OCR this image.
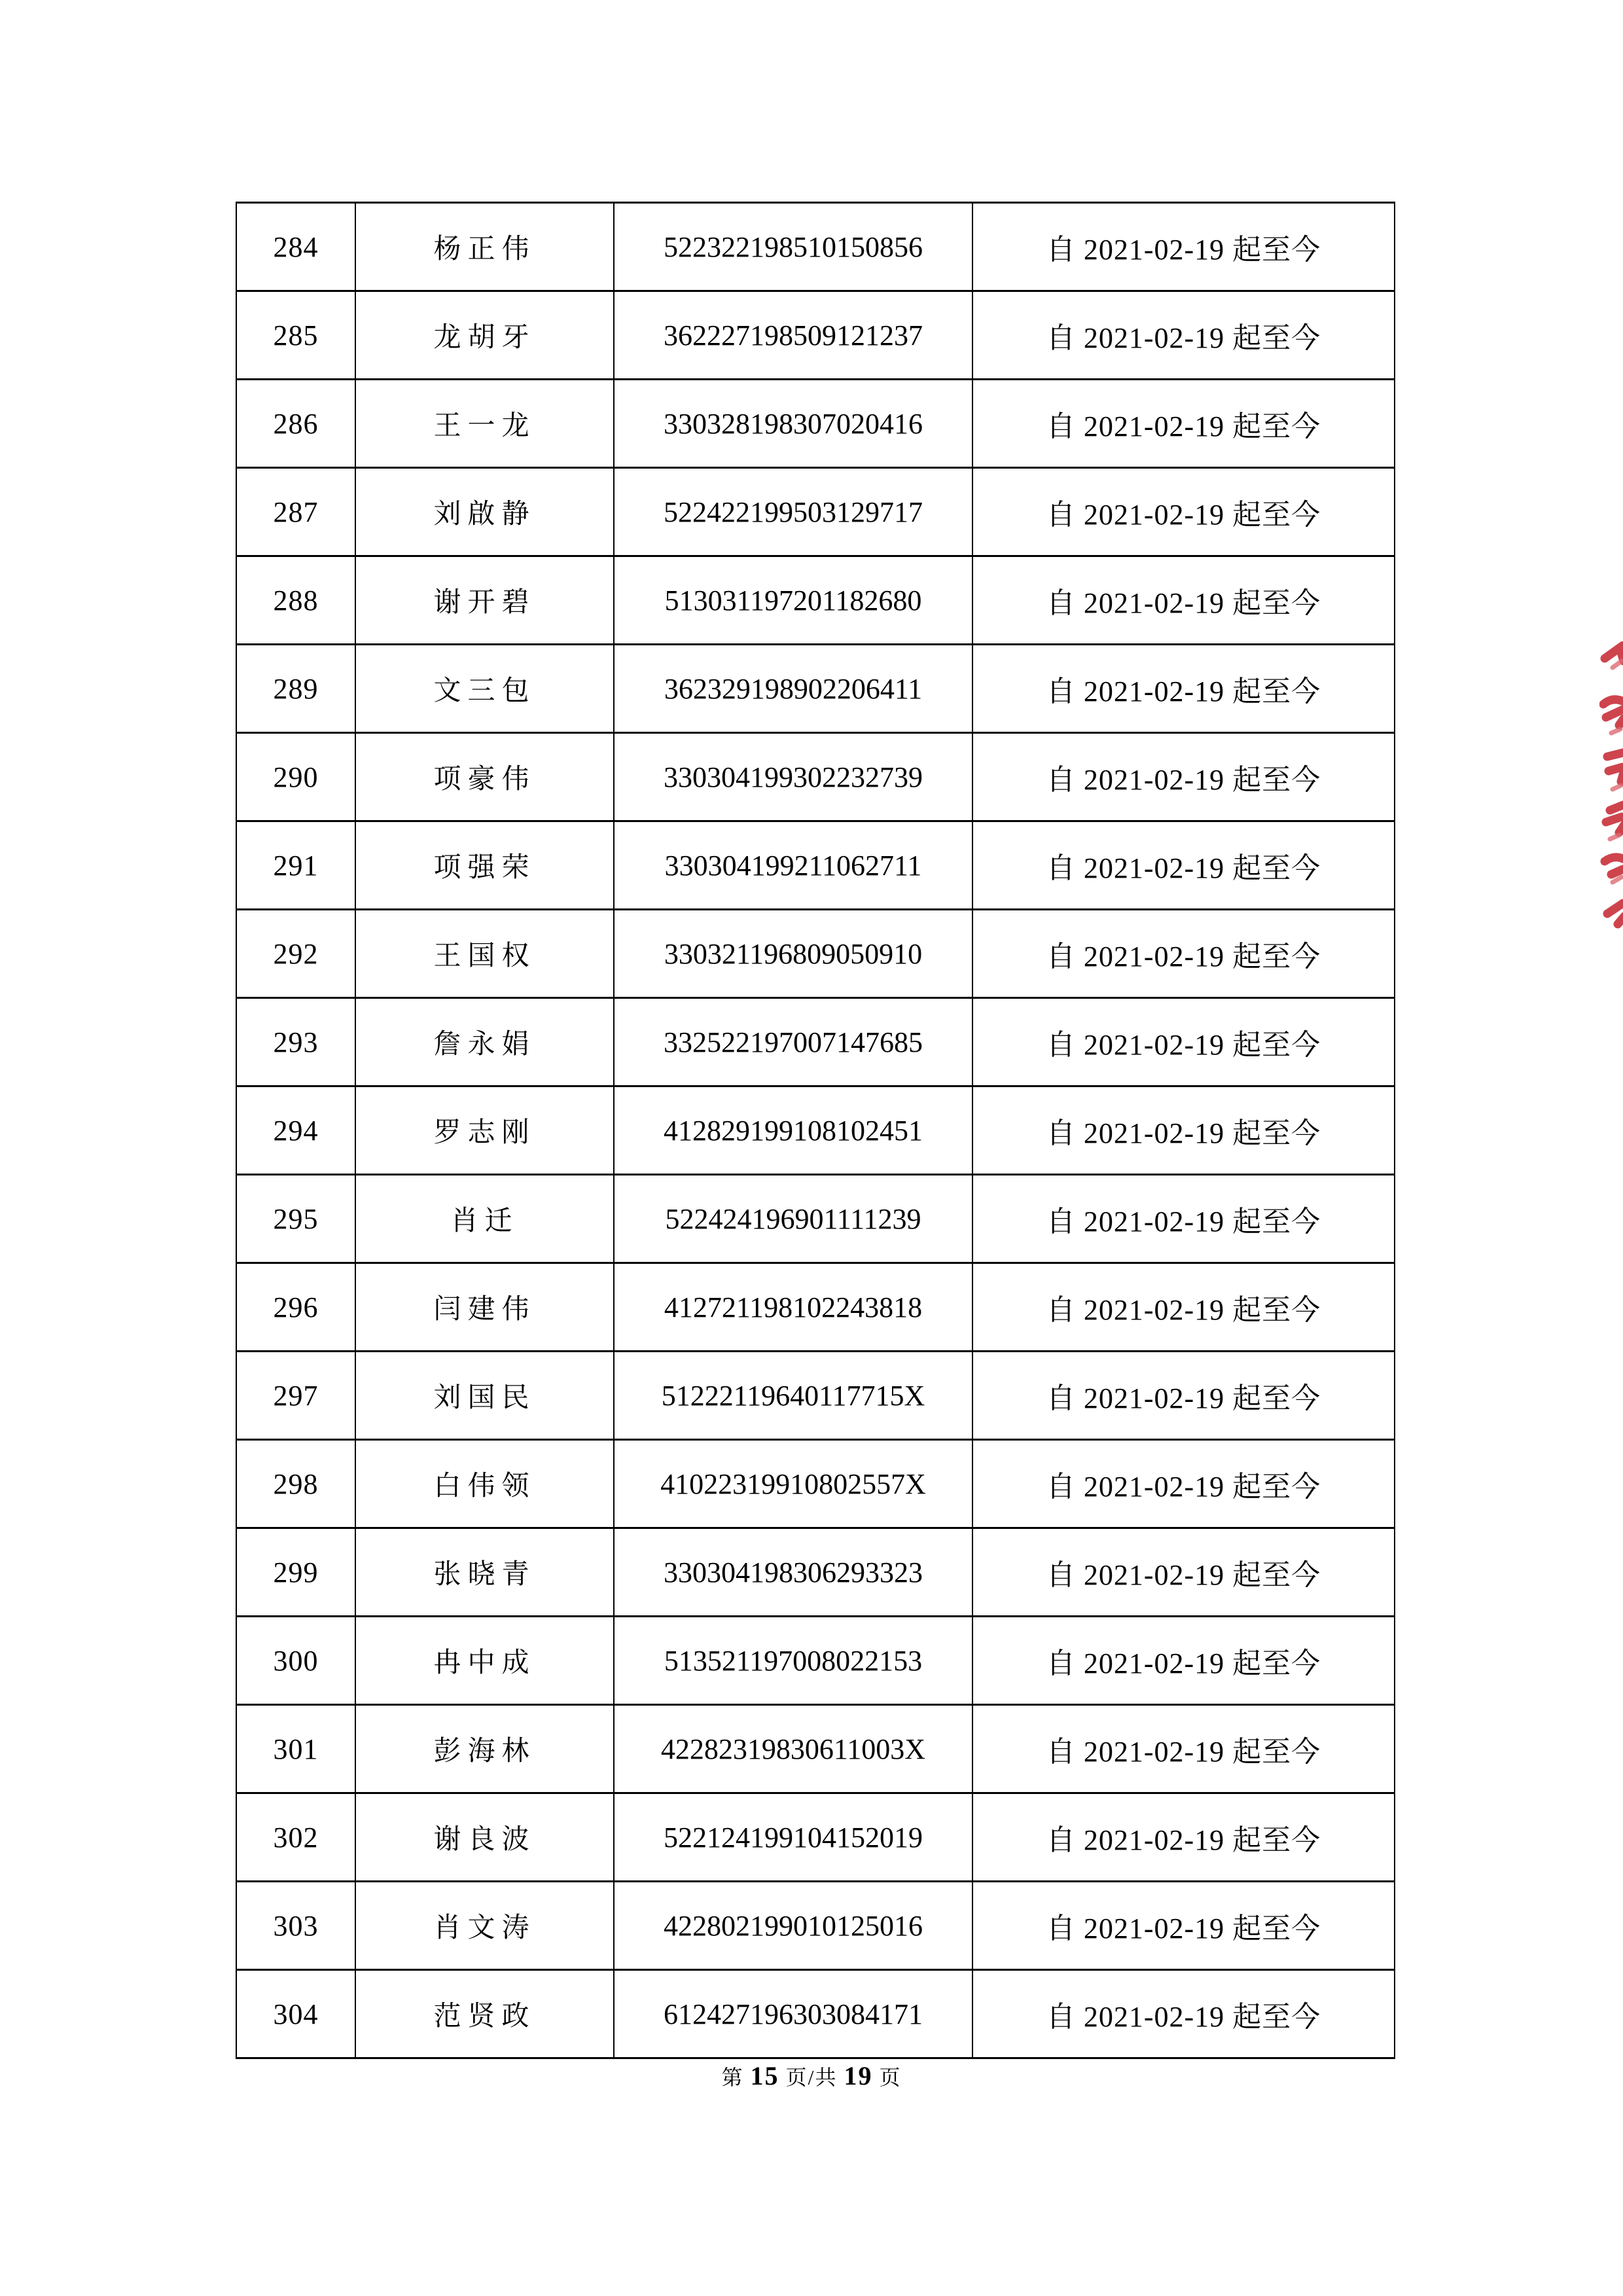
284	杨正伟	522322198510150856	自 2021-02-19 起至今
285	龙胡牙	362227198509121237	自 2021-02-19 起至今
286	王一龙	330328198307020416	自 2021-02-19 起至今
287	刘啟静	522422199503129717	自 2021-02-19 起至今
288	谢开碧	513031197201182680	自 2021-02-19 起至今
289	文三包	362329198902206411	自 2021-02-19 起至今
290	项豪伟	330304199302232739	自 2021-02-19 起至今
291	项强荣	330304199211062711	自 2021-02-19 起至今
292	王国权	330321196809050910	自 2021-02-19 起至今
293	詹永娟	332522197007147685	自 2021-02-19 起至今
294	罗志刚	412829199108102451	自 2021-02-19 起至今
295	肖迁	522424196901111239	自 2021-02-19 起至今
296	闫建伟	412721198102243818	自 2021-02-19 起至今
297	刘国民	51222119640117715X	自 2021-02-19 起至今
298	白伟领	41022319910802557X	自 2021-02-19 起至今
299	张晓青	330304198306293323	自 2021-02-19 起至今
300	冉中成	513521197008022153	自 2021-02-19 起至今
301	彭海林	42282319830611003X	自 2021-02-19 起至今
302	谢良波	522124199104152019	自 2021-02-19 起至今
303	肖文涛	422802199010125016	自 2021-02-19 起至今
304	范贤政	612427196303084171	自 2021-02-19 起至今
第 15 页/共 19 页
